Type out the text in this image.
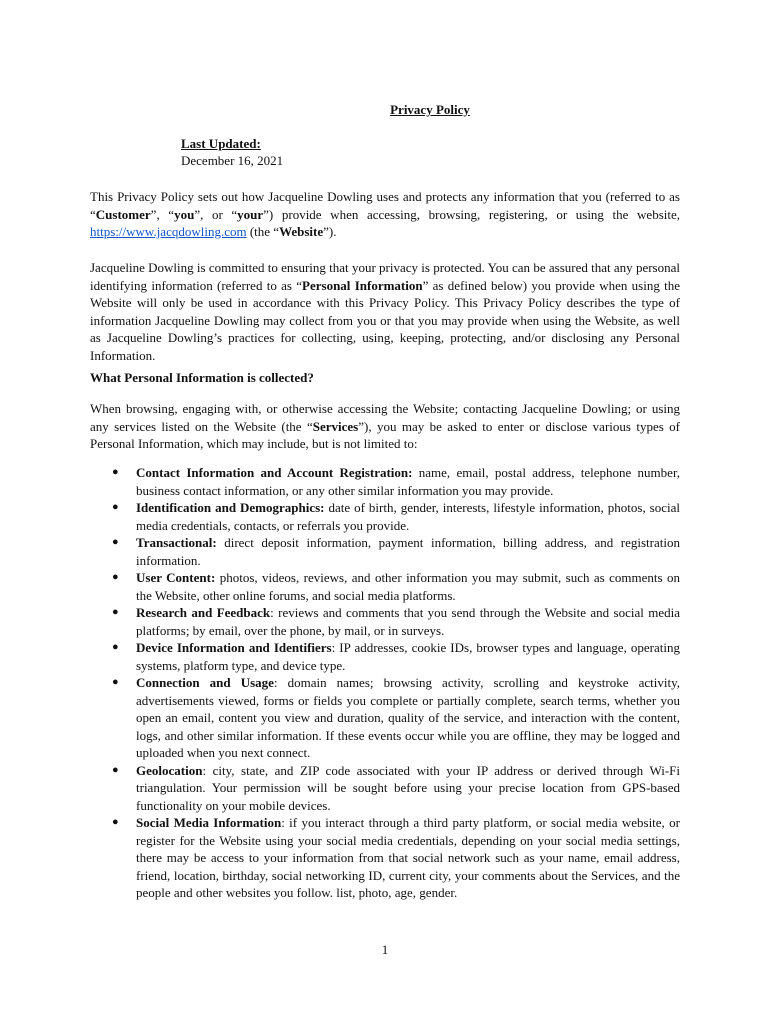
Privacy Policy
Last Updated:
December 16, 2021

This Privacy Policy sets out how Jacqueline Dowling uses and protects any information that you (referred to as “Customer”, “you”, or “your”) provide when accessing, browsing, registering, or using the website, https://www.jacqdowling.com (the “Website”).

Jacqueline Dowling is committed to ensuring that your privacy is protected. You can be assured that any personal identifying information (referred to as “Personal Information” as defined below) you provide when using the Website will only be used in accordance with this Privacy Policy. This Privacy Policy describes the type of information Jacqueline Dowling may collect from you or that you may provide when using the Website, as well as Jacqueline Dowling’s practices for collecting, using, keeping, protecting, and/or disclosing any Personal Information.

What Personal Information is collected?

When browsing, engaging with, or otherwise accessing the Website; contacting Jacqueline Dowling; or using any services listed on the Website (the “Services”), you may be asked to enter or disclose various types of Personal Information, which may include, but is not limited to:

● Contact Information and Account Registration: name, email, postal address, telephone number, business contact information, or any other similar information you may provide.
● Identification and Demographics: date of birth, gender, interests, lifestyle information, photos, social media credentials, contacts, or referrals you provide.
● Transactional: direct deposit information, payment information, billing address, and registration information.
● User Content: photos, videos, reviews, and other information you may submit, such as comments on the Website, other online forums, and social media platforms.
● Research and Feedback: reviews and comments that you send through the Website and social media platforms; by email, over the phone, by mail, or in surveys.
● Device Information and Identifiers: IP addresses, cookie IDs, browser types and language, operating systems, platform type, and device type.
● Connection and Usage: domain names; browsing activity, scrolling and keystroke activity, advertisements viewed, forms or fields you complete or partially complete, search terms, whether you open an email, content you view and duration, quality of the service, and interaction with the content, logs, and other similar information. If these events occur while you are offline, they may be logged and uploaded when you next connect.
● Geolocation: city, state, and ZIP code associated with your IP address or derived through Wi-Fi triangulation. Your permission will be sought before using your precise location from GPS-based functionality on your mobile devices.
● Social Media Information: if you interact through a third party platform, or social media website, or register for the Website using your social media credentials, depending on your social media settings, there may be access to your information from that social network such as your name, email address, friend, location, birthday, social networking ID, current city, your comments about the Services, and the people and other websites you follow. list, photo, age, gender.
1
